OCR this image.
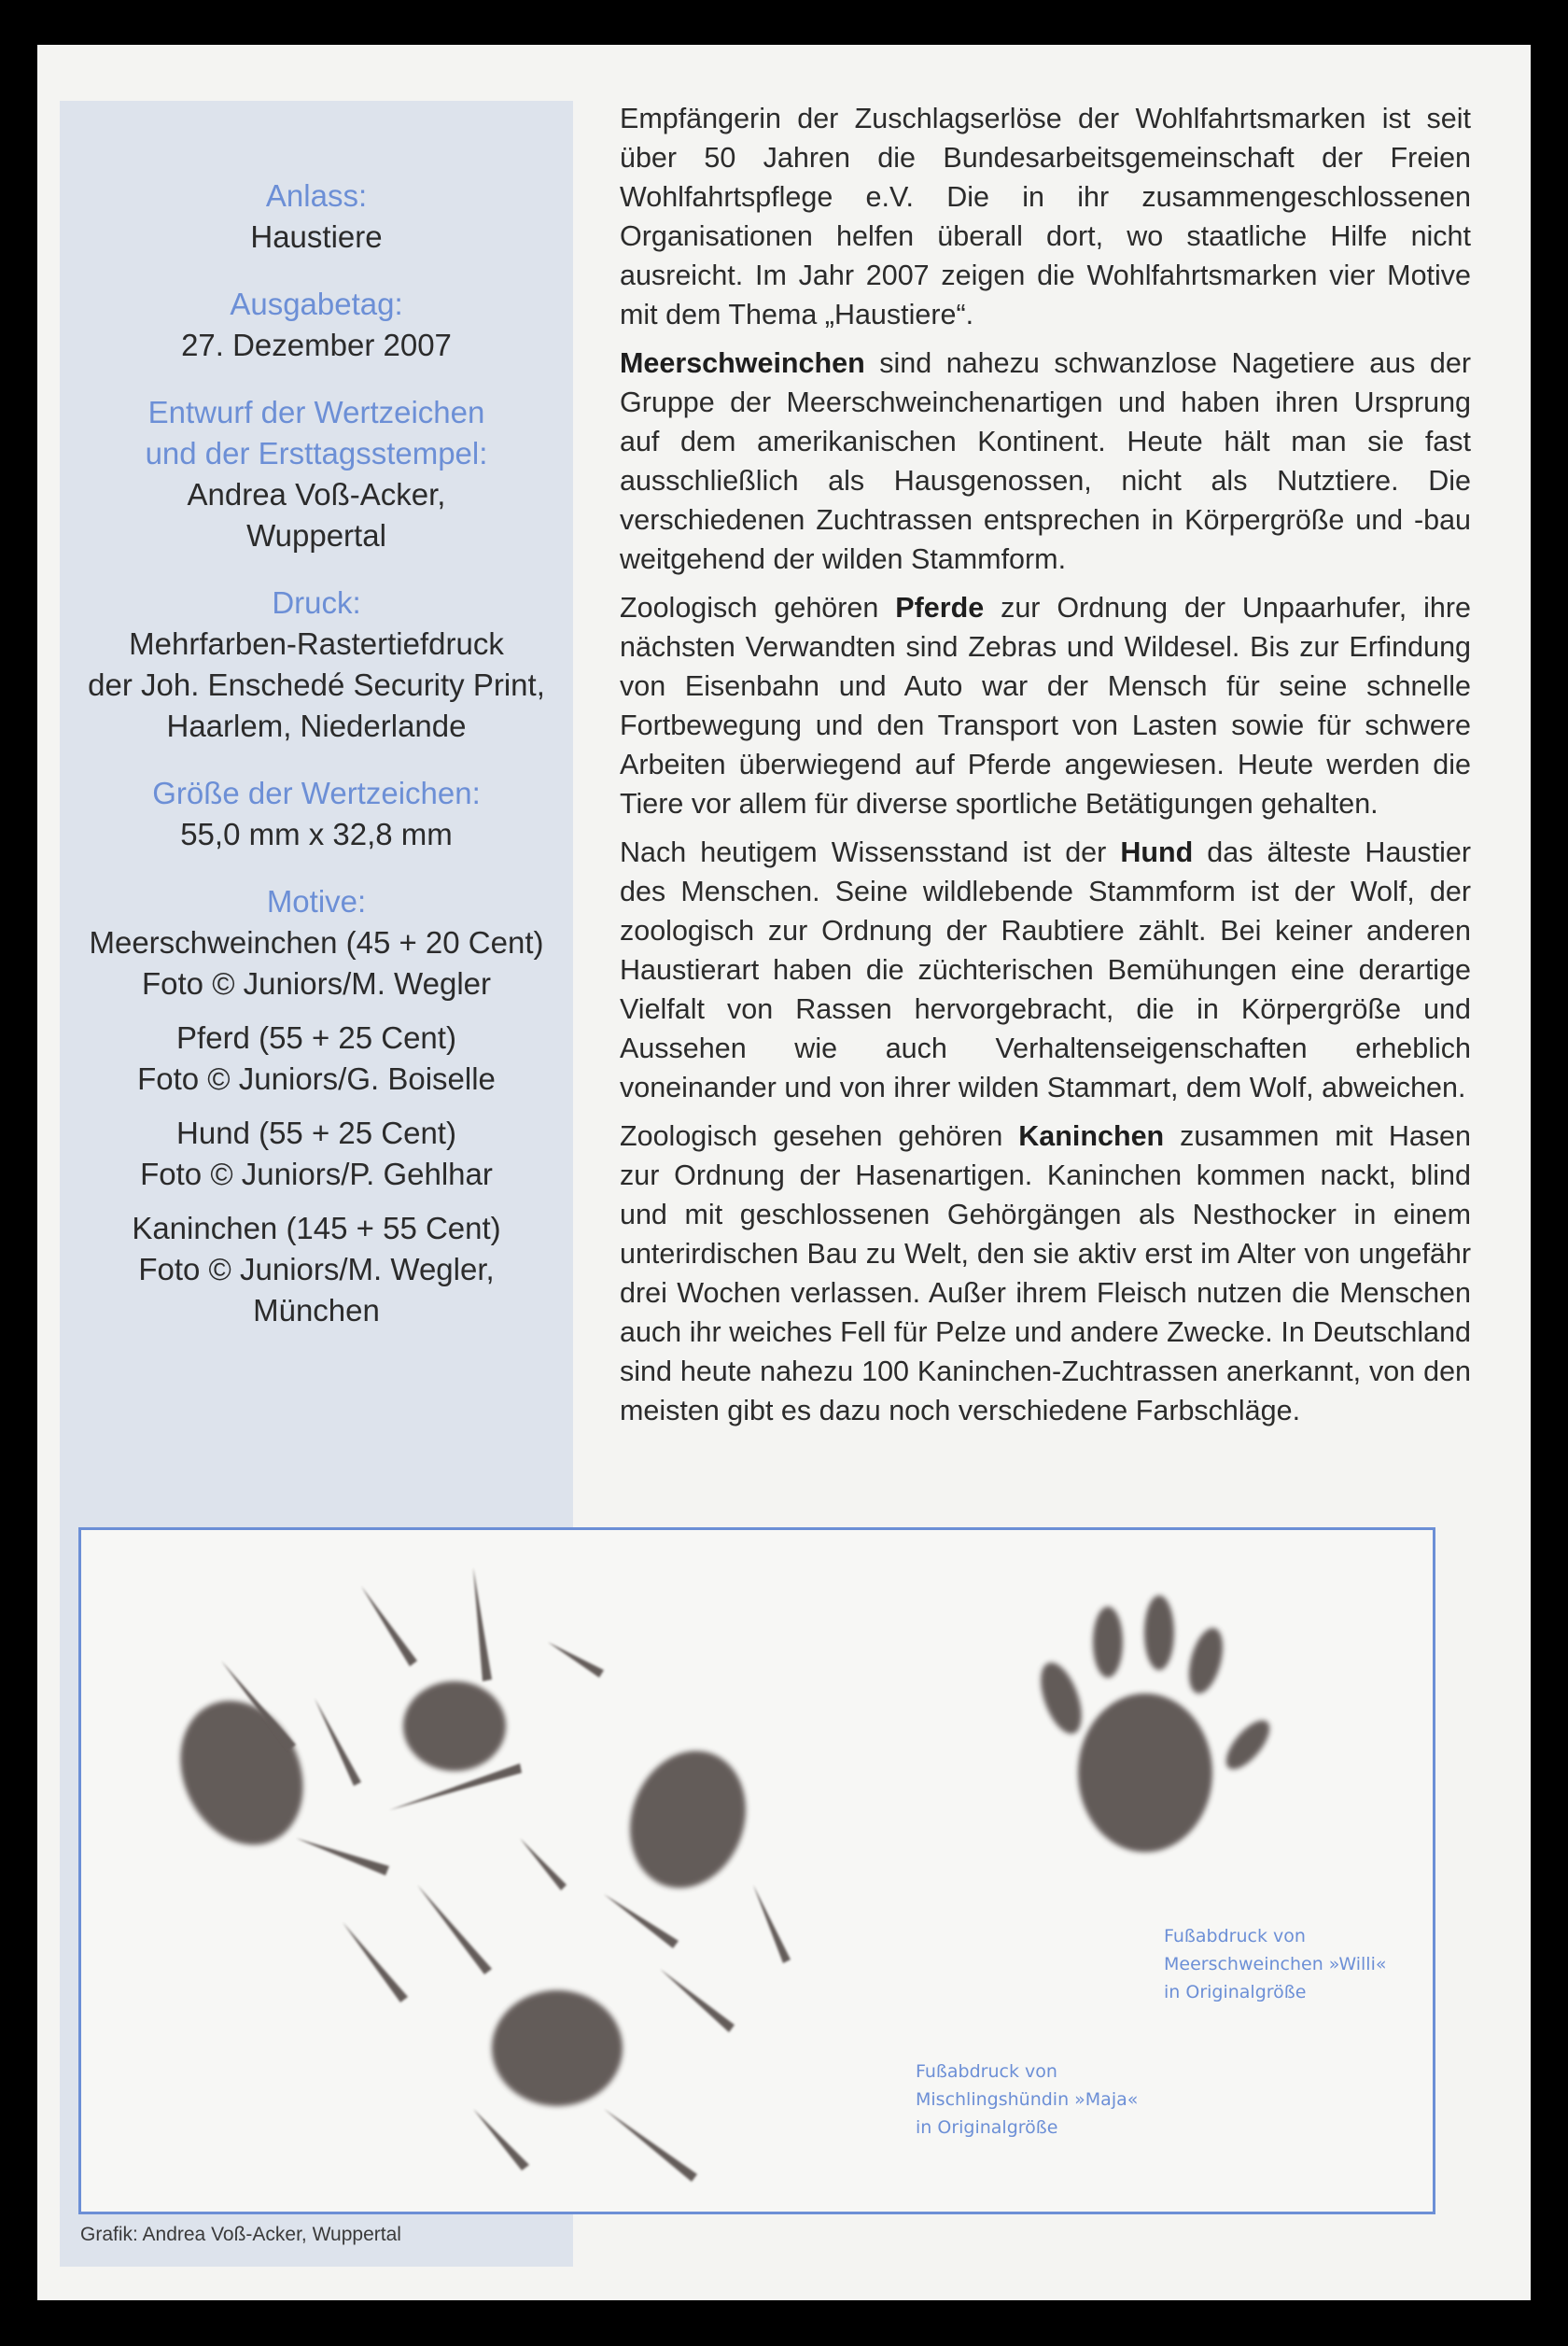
Anlass:
Haustiere
Ausgabetag:
27. Dezember 2007
Entwurf der Wertzeichen
und der Ersttagsstempel:
Andrea Voß-Acker,
Wuppertal
Druck:
Mehrfarben-Rastertiefdruck
der Joh. Enschedé Security Print,
Haarlem, Niederlande
Größe der Wertzeichen:
55,0 mm x 32,8 mm
Motive:
Meerschweinchen (45 + 20 Cent)
Foto © Juniors/M. Wegler
Pferd (55 + 25 Cent)
Foto © Juniors/G. Boiselle
Hund (55 + 25 Cent)
Foto © Juniors/P. Gehlhar
Kaninchen (145 + 55 Cent)
Foto © Juniors/M. Wegler,
München

Empfängerin der Zuschlagserlöse der Wohlfahrtsmarken ist seit über 50 Jahren die Bundesarbeitsgemeinschaft der Freien Wohlfahrtspflege e.V. Die in ihr zusammengeschlossenen Organisationen helfen überall dort, wo staatliche Hilfe nicht ausreicht. Im Jahr 2007 zeigen die Wohlfahrtsmarken vier Motive mit dem Thema „Haustiere“.

Meerschweinchen sind nahezu schwanzlose Nagetiere aus der Gruppe der Meerschweinchenartigen und haben ihren Ursprung auf dem amerikanischen Kontinent. Heute hält man sie fast ausschließlich als Hausgenossen, nicht als Nutztiere. Die verschiedenen Zuchtrassen entsprechen in Körpergröße und -bau weitgehend der wilden Stammform.

Zoologisch gehören Pferde zur Ordnung der Unpaarhufer, ihre nächsten Verwandten sind Zebras und Wildesel. Bis zur Erfindung von Eisenbahn und Auto war der Mensch für seine schnelle Fortbewegung und den Transport von Lasten sowie für schwere Arbeiten überwiegend auf Pferde angewiesen. Heute werden die Tiere vor allem für diverse sportliche Betätigungen gehalten.

Nach heutigem Wissensstand ist der Hund das älteste Haustier des Menschen. Seine wildlebende Stammform ist der Wolf, der zoologisch zur Ordnung der Raubtiere zählt. Bei keiner anderen Haustierart haben die züchterischen Bemühungen eine derartige Vielfalt von Rassen hervorgebracht, die in Körpergröße und Aussehen wie auch Verhaltenseigenschaften erheblich voneinander und von ihrer wilden Stammart, dem Wolf, abweichen.

Zoologisch gesehen gehören Kaninchen zusammen mit Hasen zur Ordnung der Hasenartigen. Kaninchen kommen nackt, blind und mit geschlossenen Gehörgängen als Nesthocker in einem unterirdischen Bau zu Welt, den sie aktiv erst im Alter von ungefähr drei Wochen verlassen. Außer ihrem Fleisch nutzen die Menschen auch ihr weiches Fell für Pelze und andere Zwecke. In Deutschland sind heute nahezu 100 Kaninchen-Zuchtrassen anerkannt, von den meisten gibt es dazu noch verschiedene Farbschläge.

Fußabdruck von
Meerschweinchen »Willi«
in Originalgröße
Fußabdruck von
Mischlingshündin »Maja«
in Originalgröße
Grafik: Andrea Voß-Acker, Wuppertal
